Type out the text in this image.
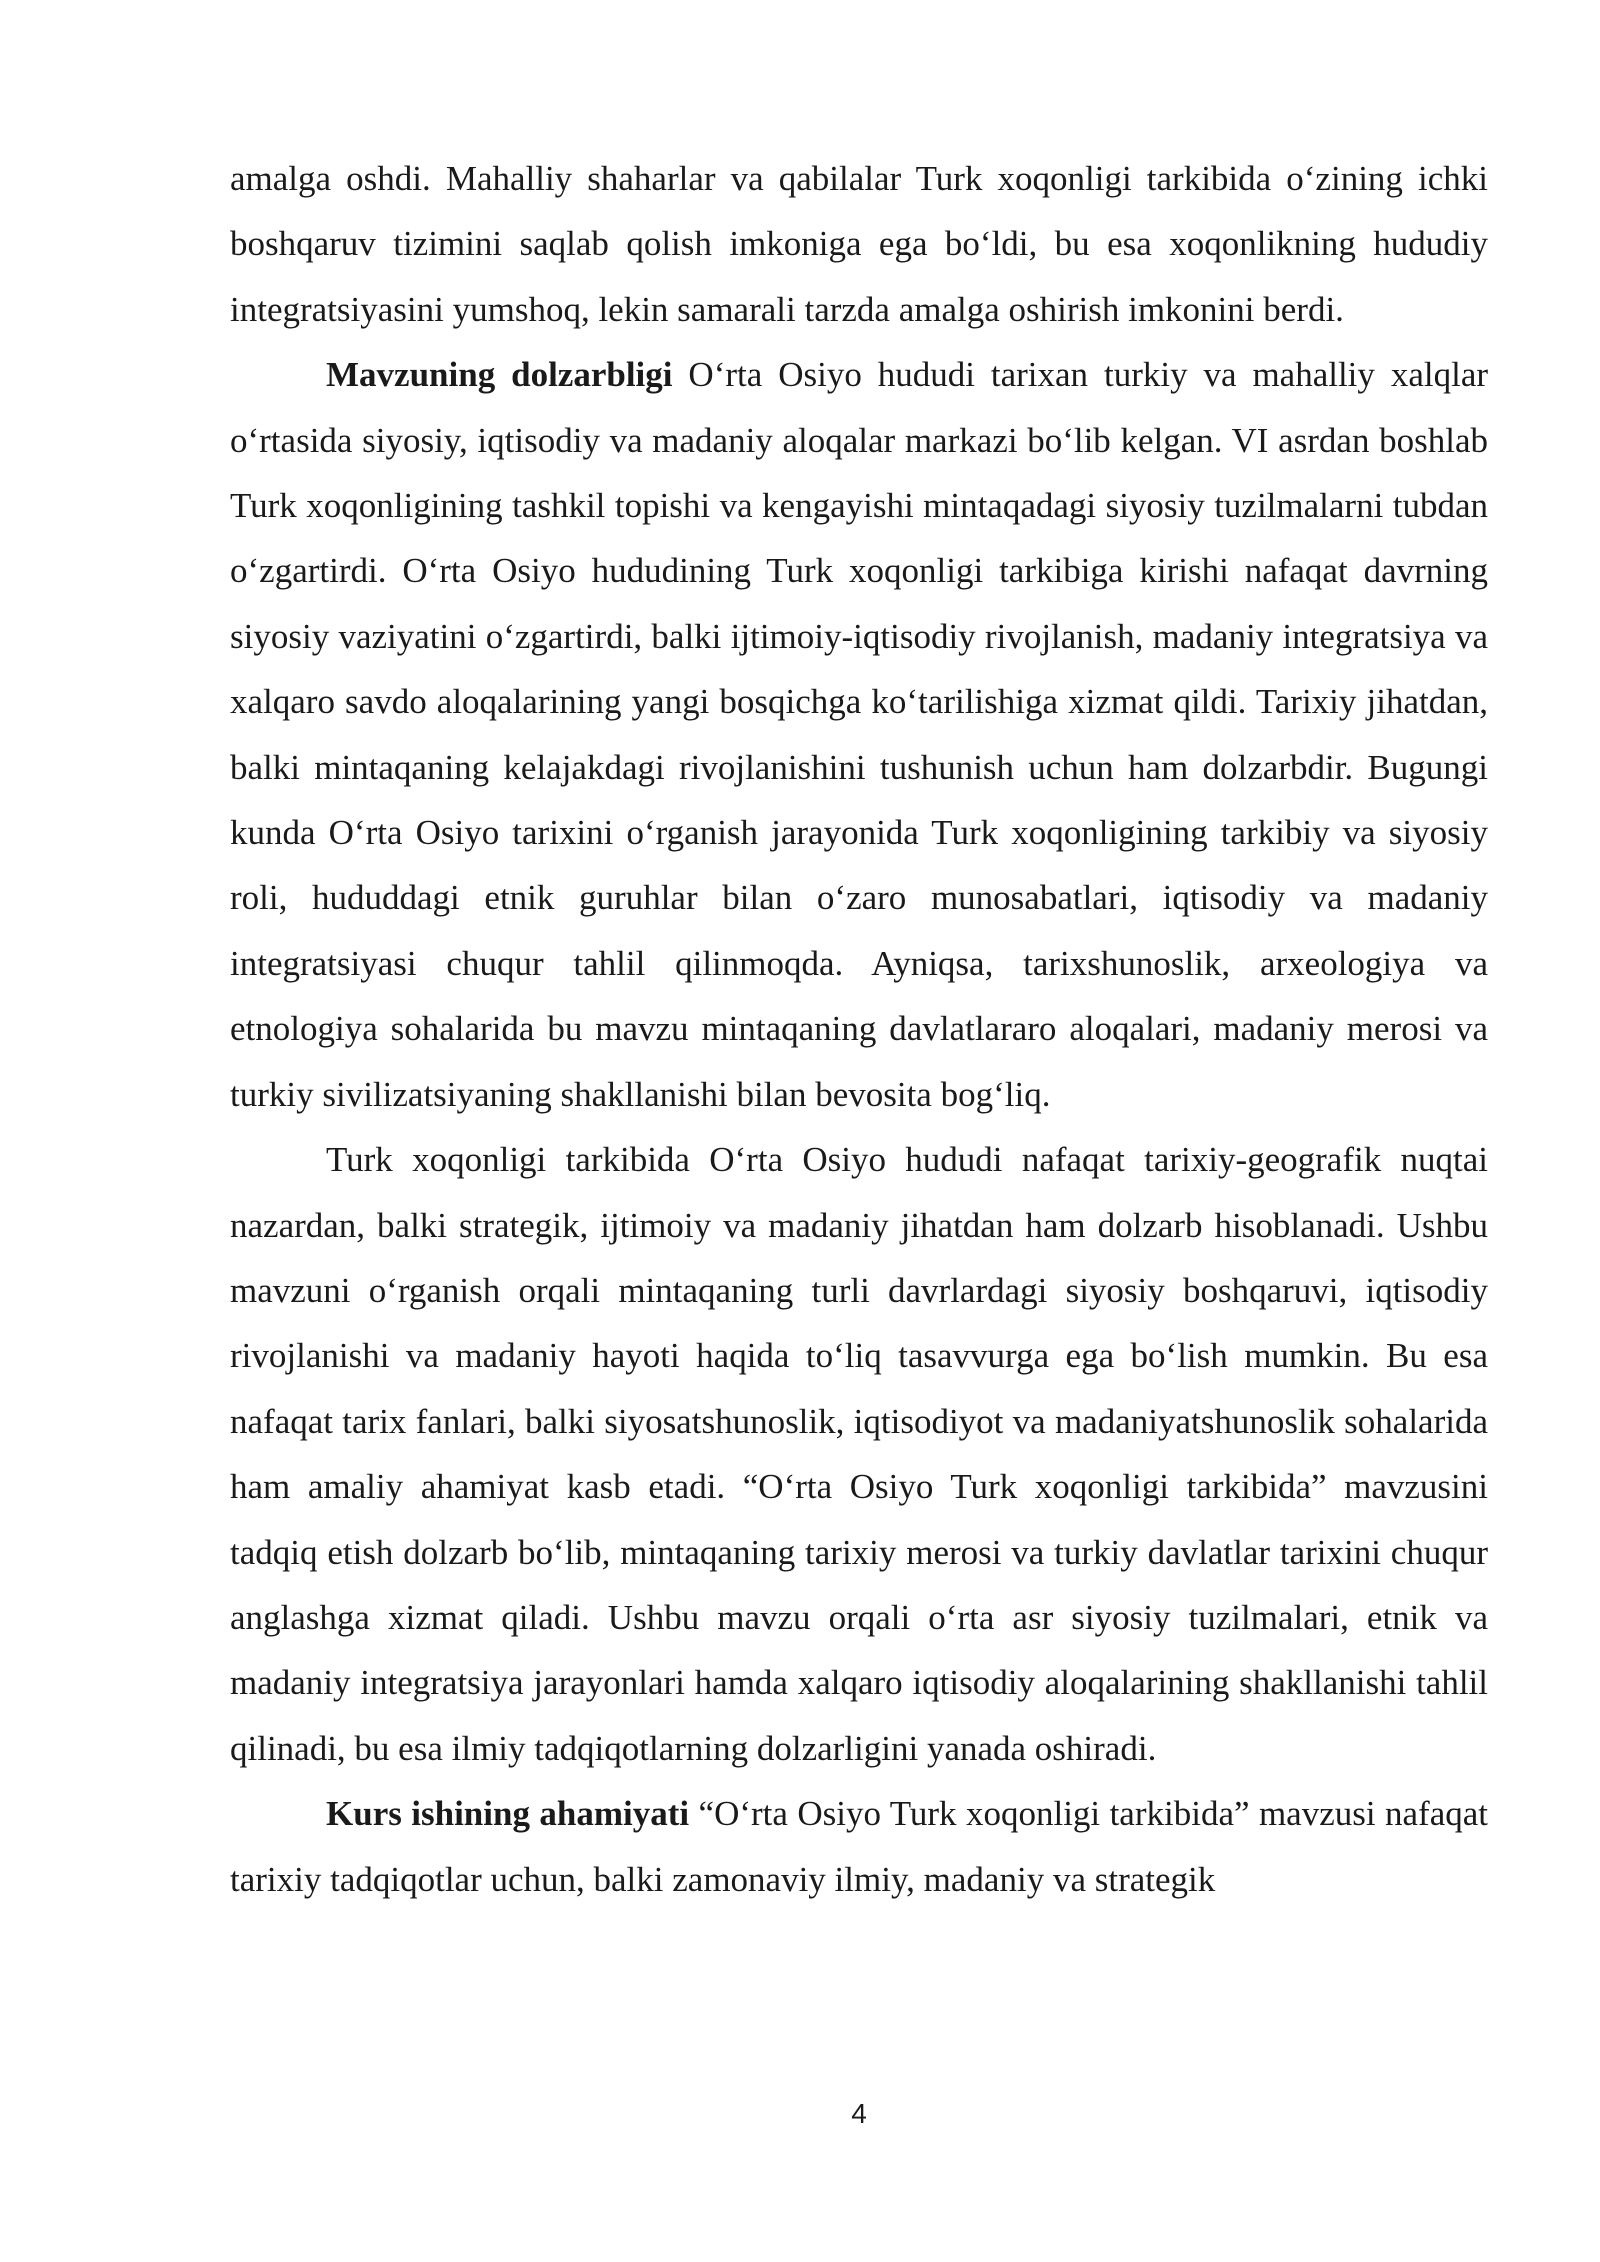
amalga oshdi. Mahalliy shaharlar va qabilalar Turk xoqonligi tarkibida o‘zining ichki boshqaruv tizimini saqlab qolish imkoniga ega bo‘ldi, bu esa xoqonlikning hududiy integratsiyasini yumshoq, lekin samarali tarzda amalga oshirish imkonini berdi.

Mavzuning dolzarbligi O‘rta Osiyo hududi tarixan turkiy va mahalliy xalqlar o‘rtasida siyosiy, iqtisodiy va madaniy aloqalar markazi bo‘lib kelgan. VI asrdan boshlab Turk xoqonligining tashkil topishi va kengayishi mintaqadagi siyosiy tuzilmalarni tubdan o‘zgartirdi. O‘rta Osiyo hududining Turk xoqonligi tarkibiga kirishi nafaqat davrning siyosiy vaziyatini o‘zgartirdi, balki ijtimoiy-iqtisodiy rivojlanish, madaniy integratsiya va xalqaro savdo aloqalarining yangi bosqichga ko‘tarilishiga xizmat qildi. Tarixiy jihatdan, balki mintaqaning kelajakdagi rivojlanishini tushunish uchun ham dolzarbdir. Bugungi kunda O‘rta Osiyo tarixini o‘rganish jarayonida Turk xoqonligining tarkibiy va siyosiy roli, hududdagi etnik guruhlar bilan o‘zaro munosabatlari, iqtisodiy va madaniy integratsiyasi chuqur tahlil qilinmoqda. Ayniqsa, tarixshunoslik, arxeologiya va etnologiya sohalarida bu mavzu mintaqaning davlatlararo aloqalari, madaniy merosi va turkiy sivilizatsiyaning shakllanishi bilan bevosita bog‘liq.

Turk xoqonligi tarkibida O‘rta Osiyo hududi nafaqat tarixiy-geografik nuqtai nazardan, balki strategik, ijtimoiy va madaniy jihatdan ham dolzarb hisoblanadi. Ushbu mavzuni o‘rganish orqali mintaqaning turli davrlardagi siyosiy boshqaruvi, iqtisodiy rivojlanishi va madaniy hayoti haqida to‘liq tasavvurga ega bo‘lish mumkin. Bu esa nafaqat tarix fanlari, balki siyosatshunoslik, iqtisodiyot va madaniyatshunoslik sohalarida ham amaliy ahamiyat kasb etadi. “O‘rta Osiyo Turk xoqonligi tarkibida” mavzusini tadqiq etish dolzarb bo‘lib, mintaqaning tarixiy merosi va turkiy davlatlar tarixini chuqur anglashga xizmat qiladi. Ushbu mavzu orqali o‘rta asr siyosiy tuzilmalari, etnik va madaniy integratsiya jarayonlari hamda xalqaro iqtisodiy aloqalarining shakllanishi tahlil qilinadi, bu esa ilmiy tadqiqotlarning dolzarligini yanada oshiradi.

Kurs ishining ahamiyati “O‘rta Osiyo Turk xoqonligi tarkibida” mavzusi nafaqat tarixiy tadqiqotlar uchun, balki zamonaviy ilmiy, madaniy va strategik

4
